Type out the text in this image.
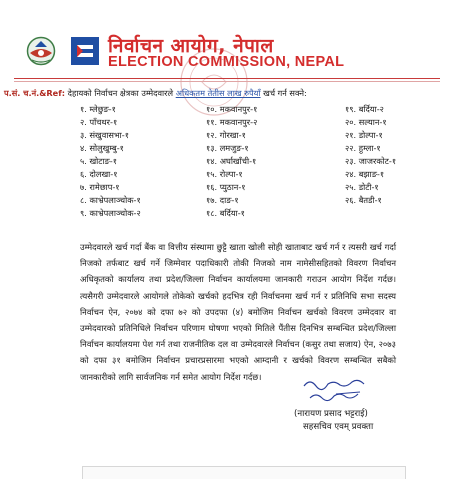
निर्वाचन आयोग, नेपाल
ELECTION COMMISSION, NEPAL
प.सं. च.नं.&Ref: देहायको निर्वाचन क्षेत्रका उम्मेदवारले अधिकतम तेतीस लाख रुपैयाँ खर्च गर्न सक्ने:
१. म्लेछुङ-१
२. पाँचथर-१
३. संखुवासभा-१
४. सोलुखुम्बु-१
५. खोटाङ-१
६. दोलखा-१
७. रामेछाप-१
८. काभ्रेपलाञ्चोक-१
९. काभ्रेपलाञ्चोक-२
१०. मकवानपुर-१
११. मकवानपुर-२
१२. गोरखा-१
१३. लमजुङ-१
१४. अर्घाखाँची-१
१५. रोल्पा-१
१६. प्युठान-१
१७. दाङ-१
१८. बर्दिया-१
१९. बर्दिया-२
२०. सल्यान-१
२१. डोल्पा-१
२२. हुम्ला-१
२३. जाजरकोट-१
२४. बझाङ-१
२५. डोटी-१
२६. बैतडी-१
उम्मेदवारले खर्च गर्दा बैंक वा वित्तीय संस्थामा छुट्टै खाता खोली सोही खाताबाट खर्च गर्न र त्यसरी खर्च गर्दा निजको तर्फबाट खर्च गर्ने जिम्मेवार पदाधिकारी तोकी निजको नाम नामेसीसहितको विवरण निर्वाचन अधिकृतको कार्यालय तथा प्रदेश/जिल्ला निर्वाचन कार्यालयमा जानकारी गराउन आयोग निर्देश गर्दछ। त्यसैगरी उम्मेदवारले आयोगले तोकेको खर्चको हदभित्र रही निर्वाचनमा खर्च गर्न र प्रतिनिधि सभा सदस्य निर्वाचन ऐन, २०७४ को दफा ७२ को उपदफा (४) बमोजिम निर्वाचन खर्चको विवरण उम्मेदवार वा उम्मेदवारको प्रतिनिधिले निर्वाचन परिणाम घोषणा भएको मितिले पैंतीस दिनभित्र सम्बन्धित प्रदेश/जिल्ला निर्वाचन कार्यालयमा पेश गर्न तथा राजनीतिक दल वा उम्मेदवारले निर्वाचन (कसुर तथा सजाय) ऐन, २०७३ को दफा ३१ बमोजिम निर्वाचन प्रचारप्रसारमा भएको आम्दानी र खर्चको विवरण सम्बन्धित सबैको जानकारीको लागि सार्वजनिक गर्न समेत आयोग निर्देश गर्दछ।
(नारायण प्रसाद भट्टराई)
सहसचिव एवम् प्रवक्ता
